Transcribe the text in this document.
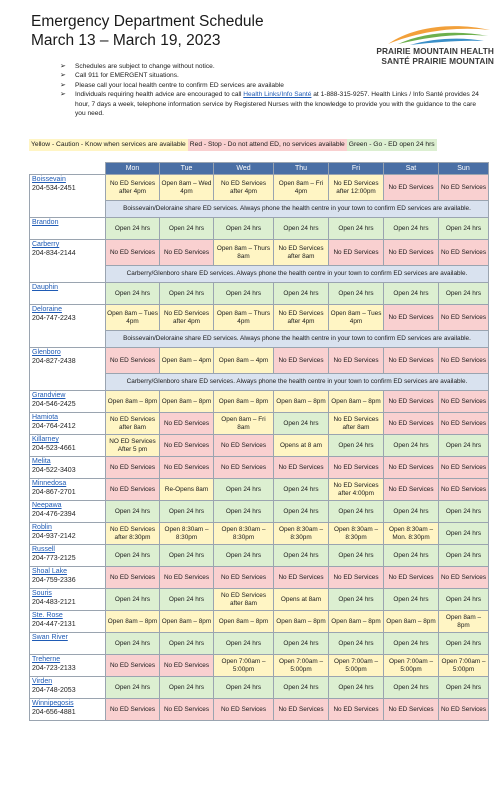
Emergency Department Schedule
March 13 – March 19, 2023
PRAIRIE MOUNTAIN HEALTH
SANTÉ PRAIRIE MOUNTAIN
➢ Schedules are subject to change without notice.
➢ Call 911 for EMERGENT situations.
➢ Please call your local health centre to confirm ED services are available
➢ Individuals requiring health advice are encouraged to call Health Links/Info Santé at 1-888-315-9257. Health Links / Info Santé provides 24 hour, 7 days a week, telephone information service by Registered Nurses with the knowledge to provide you with the guidance to the care you need.
Yellow - Caution - Know when services are available Red - Stop - Do not attend ED, no services available Green - Go - ED open 24 hrs
	Mon	Tue	Wed	Thu	Fri	Sat	Sun

Boissevain
204-534-2451	No ED Services after 4pm	Open 8am – Wed 4pm	No ED Services after 4pm	Open 8am – Fri 4pm	No ED Services after 12:00pm	No ED Services	No ED Services
	Boissevain/Deloraine share ED services. Always phone the health centre in your town to confirm ED services are available.						

Brandon	Open 24 hrs	Open 24 hrs	Open 24 hrs	Open 24 hrs	Open 24 hrs	Open 24 hrs	Open 24 hrs

Carberry
204-834-2144	No ED Services	No ED Services	Open 8am – Thurs 8am	No ED Services after 8am	No ED Services	No ED Services	No ED Services
	Carberry/Glenboro share ED services. Always phone the health centre in your town to confirm ED services are available.						

Dauphin	Open 24 hrs	Open 24 hrs	Open 24 hrs	Open 24 hrs	Open 24 hrs	Open 24 hrs	Open 24 hrs

Deloraine
204-747-2243	Open 8am – Tues 4pm	No ED Services after 4pm	Open 8am – Thurs 4pm	No ED Services after 4pm	Open 8am – Tues 4pm	No ED Services	No ED Services
	Boissevain/Deloraine share ED services. Always phone the health centre in your town to confirm ED services are available.						

Glenboro
204-827-2438	No ED Services	Open 8am – 4pm	Open 8am – 4pm	No ED Services	No ED Services	No ED Services	No ED Services
	Carberry/Glenboro share ED services. Always phone the health centre in your town to confirm ED services are available.						

Grandview
204-546-2425	Open 8am – 8pm	Open 8am – 8pm	Open 8am – 8pm	Open 8am – 8pm	Open 8am – 8pm	No ED Services	No ED Services

Hamiota
204-764-2412	No ED Services after 8am	No ED Services	Open 8am – Fri 8am	Open 24 hrs	No ED Services after 8am	No ED Services	No ED Services

Killarney
204-523-4661	NO ED Services After 5 pm	No ED Services	No ED Services	Opens at 8 am	Open 24 hrs	Open 24 hrs	Open 24 hrs

Melita
204-522-3403	No ED Services	No ED Services	No ED Services	No ED Services	No ED Services	No ED Services	No ED Services

Minnedosa
204-867-2701	No ED Services	Re-Opens 8am	Open 24 hrs	Open 24 hrs	No ED Services after 4:00pm	No ED Services	No ED Services

Neepawa
204-476-2394	Open 24 hrs	Open 24 hrs	Open 24 hrs	Open 24 hrs	Open 24 hrs	Open 24 hrs	Open 24 hrs

Roblin
204-937-2142	No ED Services after 8:30pm	Open 8:30am – 8:30pm	Open 8:30am – 8:30pm	Open 8:30am – 8:30pm	Open 8:30am – 8:30pm	Open 8:30am – Mon. 8:30pm	Open 24 hrs

Russell
204-773-2125	Open 24 hrs	Open 24 hrs	Open 24 hrs	Open 24 hrs	Open 24 hrs	Open 24 hrs	Open 24 hrs

Shoal Lake
204-759-2336	No ED Services	No ED Services	No ED Services	No ED Services	No ED Services	No ED Services	No ED Services

Souris
204-483-2121	Open 24 hrs	Open 24 hrs	No ED Services after 8am	Opens at 8am	Open 24 hrs	Open 24 hrs	Open 24 hrs

Ste. Rose
204-447-2131	Open 8am – 8pm	Open 8am – 8pm	Open 8am – 8pm	Open 8am – 8pm	Open 8am – 8pm	Open 8am – 8pm	Open 8am – 8pm

Swan River	Open 24 hrs	Open 24 hrs	Open 24 hrs	Open 24 hrs	Open 24 hrs	Open 24 hrs	Open 24 hrs

Treherne
204-723-2133	No ED Services	No ED Services	Open 7:00am – 5:00pm	Open 7:00am – 5:00pm	Open 7:00am – 5:00pm	Open 7:00am – 5:00pm	Open 7:00am – 5:00pm

Virden
204-748-2053	Open 24 hrs	Open 24 hrs	Open 24 hrs	Open 24 hrs	Open 24 hrs	Open 24 hrs	Open 24 hrs

Winnipegosis
204-656-4881	No ED Services	No ED Services	No ED Services	No ED Services	No ED Services	No ED Services	No ED Services
